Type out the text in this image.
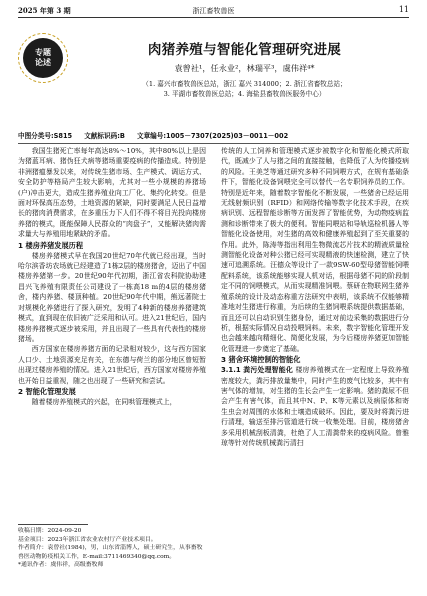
2025 年第 3 期	浙江畜牧兽医	11
专题
论述
肉猪养殖与智能化管理研究进展
袁曾社¹，任永业²，林瑞平³，虞伟祥⁴*
（1. 嘉兴市畜牧兽医总站，浙江 嘉兴 314000；2. 浙江省畜牧总站；
3. 平湖市畜牧兽医总站；4. 海盐县畜牧兽医服务中心）
中图分类号:S815 文献标识码:B 文章编号:1005－7307(2025)03－0011－002

我国生猪死亡率每年高达8%～10%，其中80%以上是因为猪蓝耳病、猪伪狂犬病等猪场重要疫病的传播造成。特别是非洲猪瘟暴发以来，对传统生猪市场、生产模式、调运方式、安全防护等格局产生较大影响，尤其对一些小规模的养猪场(户)冲击更大，造成生猪养殖业向工厂化、集约化转变。但是面对环保高压态势，土地资源的紧缺，同时要满足人民日益增长的猪肉消费需求，在多重压力下人们不得不将目光投向楼房养猪的模式，既能保障人民群众的“肉盘子”，又能解决猪肉需求量大与养殖用地紧缺的矛盾。

1 楼房养猪发展历程

楼房养猪模式早在我国20世纪70年代就已经出现，当时哈尔滨香坊农场就已经建造了1栋2层的楼房猪舍，迈出了中国楼房养猪第一步。20世纪90年代初期，浙江省农科院协助建昌兴飞养殖有限责任公司建设了一栋高18 m的4层的楼房猪舍，楼内养猪、楼顶种植。20世纪90年代中期，熊远著院士对规模化养猪进行了探入研究，发明了4种新的楼房养猪建筑模式，直到现在依旧被广泛采用和认可。进入21世纪后，国内楼房养猪模式逐步被采用，并且出现了一些具有代表性的楼房猪场。

西方国家在楼房养猪方面的记录相对较少，这与西方国家人口少、土地资源充足有关，在东德与荷兰的部分地区曾短暂出现过楼房养殖的情况。进入21世纪后，西方国家对楼房养殖也开始日益重视，随之也出现了一些研究和尝试。

2 智能化管理发展

随着楼房养殖模式的兴起，在同哄管理模式上，

收稿日期：2024-09-20
基金项目：2023年浙江省农业农村厅产业技术项目。
作者简介：袁曾社(1984)，男，山东省淄博人，硕士研究生，从事畜牧兽医动物防疫相关工作，E-mail:3711469340@qq.com。
*通讯作者：虞伟祥，高级畜牧师

传统的人工饲养和管理模式逐步被数字化和智能化模式所取代，既减少了人与猪之间的直接接触，也降低了人为传播疫病的风险。王美芝等通过研究多种不同饲喂方式，在规有基础条件下，智能化设备饲喂完全可以替代一名专职饲养员的工作。特别是近年来，随着数字智能化不断发展，一些猪舍已经运用无线射频识别（RFID）和网络传输等数字化技术手段，在疾病识别、远程智能诊断等方面发挥了智能优势，为动物疫病监测和诊断带来了极大的便利。智能同喂站和导轨巡检机器人等智能化设备使用，对生猪的高效和健康养殖起到了至关重要的作用。此外，陈涛等指出利用生物微流芯片技术的精液质量检测智能化设备对种公猪已经可实现精液的快速检测，建立了快速可追溯系统。汪德众等设计了一款9SW-60型母猪智能饲喂配料系统，该系统能够实现人机对话，根据母猪不同的阶段制定不同的饲喂模式，从而实现精准饲喂。蔡研在物联网生猪养殖系统的设计及动态称重方法研究中表明，该系统不仅能够精准地对生猪进行称重，为后续的生猪饲喂系统提供数据基础，而且还可以自动识别生猪身份，通过对前边采集的数据进行分析，根据实际情况自动投喂饲料。未来，数字智能化管理开发也会越来越向精细化、简便化发展，为今后楼房养猪更加智能化管理进一步奠定了基础。

3 猪舍环境控制的智能化

3.1.1 粪污处理智能化 楼房养殖模式在一定程度上导致养殖密度较大，粪污排放量集中，同时产生的废气比较多，其中有害气体的增加，对生猪的生长会产生一定影响。猪的粪尿不但会产生有害气体，而且其中N、P、K等元素以及病原体和寄生虫会对周围的水体和土壤造成破坏。因此，要及时将粪污进行清理，输送至排污管道进行统一收集处理。目前，楼房猪舍多采用机械刮板清粪，杜绝了人工清粪带来的疫病风险。曾雅琼等针对传统机械粪污清扫
